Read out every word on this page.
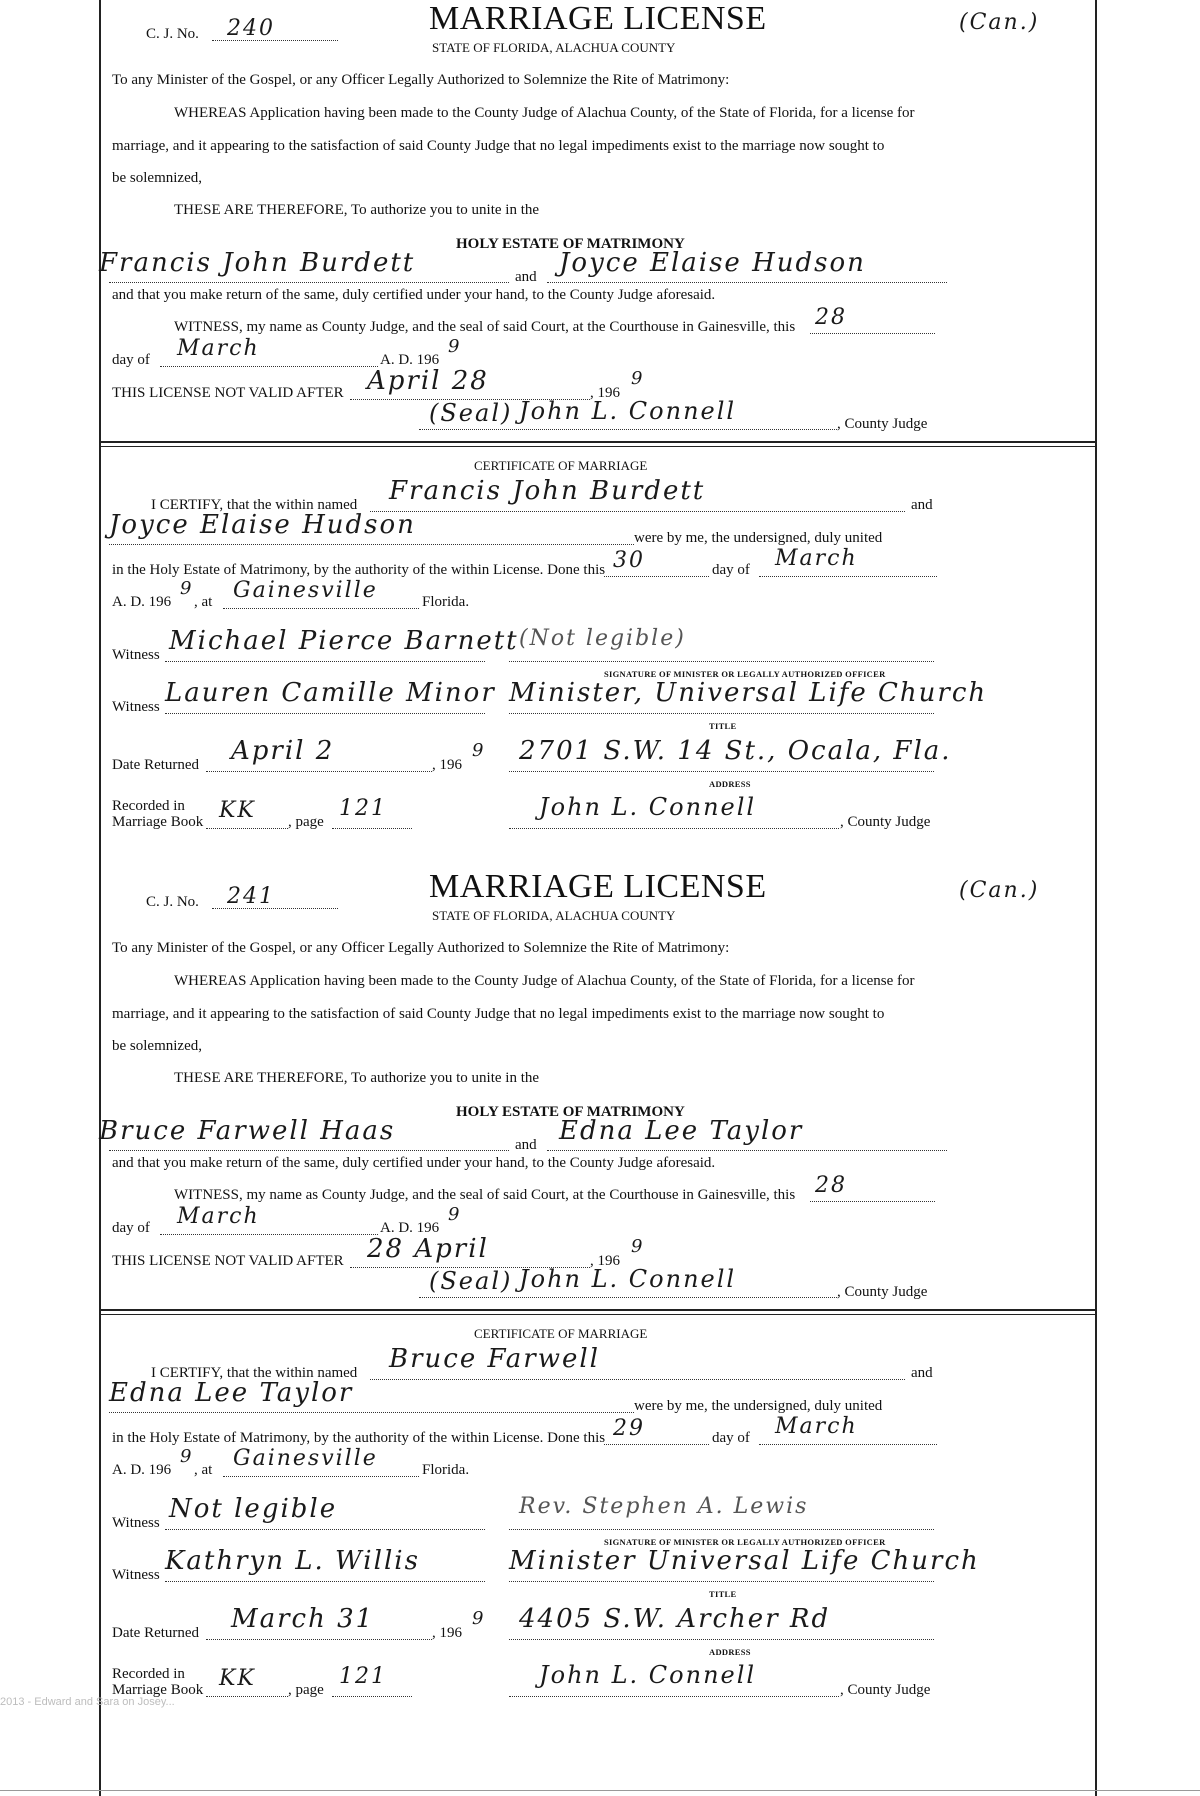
C. J. No. 240	MARRIAGE LICENSE
STATE OF FLORIDA, ALACHUA COUNTY
(Can.)
To any Minister of the Gospel, or any Officer Legally Authorized to Solemnize the Rite of Matrimony:
WHEREAS Application having been made to the County Judge of Alachua County, of the State of Florida, for a license for
marriage, and it appearing to the satisfaction of said County Judge that no legal impediments exist to the marriage now sought to
be solemnized,
THESE ARE THEREFORE, To authorize you to unite in the
HOLY ESTATE OF MATRIMONY
Francis John Burdett	and Joyce Elaise Hudson
and that you make return of the same, duly certified under your hand, to the County Judge aforesaid.
WITNESS, my name as County Judge, and the seal of said Court, at the Courthouse in Gainesville, this 28
day of March	A. D. 196
9
THIS LICENSE NOT VALID AFTER April 28	, 196
9
(Seal) John L. Connell	, County Judge
CERTIFICATE OF MARRIAGE
I CERTIFY, that the within named Francis John Burdett	and
Joyce Elaise Hudson	were by me, the undersigned, duly united
in the Holy Estate of Matrimony, by the authority of the within License. Done this 30	day of March
A. D. 196
9
, at Gainesville	Florida.
Witness Michael Pierce Barnett (Not legible)
SIGNATURE OF MINISTER OR LEGALLY AUTHORIZED OFFICER
Witness Lauren Camille Minor Minister, Universal Life Church
TITLE
Date Returned April 2	, 196
9 2701 S.W. 14 St., Ocala, Fla.
ADDRESS
Recorded in
Marriage Book KK , page
121	John L. Connell
, County Judge
C. J. No. 241	MARRIAGE LICENSE
STATE OF FLORIDA, ALACHUA COUNTY
(Can.)
To any Minister of the Gospel, or any Officer Legally Authorized to Solemnize the Rite of Matrimony:
WHEREAS Application having been made to the County Judge of Alachua County, of the State of Florida, for a license for
marriage, and it appearing to the satisfaction of said County Judge that no legal impediments exist to the marriage now sought to
be solemnized,
THESE ARE THEREFORE, To authorize you to unite in the
HOLY ESTATE OF MATRIMONY
Bruce Farwell Haas	and Edna Lee Taylor
and that you make return of the same, duly certified under your hand, to the County Judge aforesaid.
WITNESS, my name as County Judge, and the seal of said Court, at the Courthouse in Gainesville, this 28
day of March	A. D. 196
9
THIS LICENSE NOT VALID AFTER 28 April	, 196
9
(Seal) John L. Connell	, County Judge
CERTIFICATE OF MARRIAGE
I CERTIFY, that the within named Bruce Farwell	and
Edna Lee Taylor	were by me, the undersigned, duly united
in the Holy Estate of Matrimony, by the authority of the within License. Done this 29	day of March
A. D. 196
9
, at Gainesville	Florida.
Witness Not legible	Rev. Stephen A. Lewis
SIGNATURE OF MINISTER OR LEGALLY AUTHORIZED OFFICER
Witness Kathryn L. Willis	Minister Universal Life Church
TITLE
Date Returned March 31	, 196
9 4405 S.W. Archer Rd
ADDRESS
Recorded in
Marriage Book KK , page
121	John L. Connell
, County Judge
2013 - Edward and Sara on Josey...
